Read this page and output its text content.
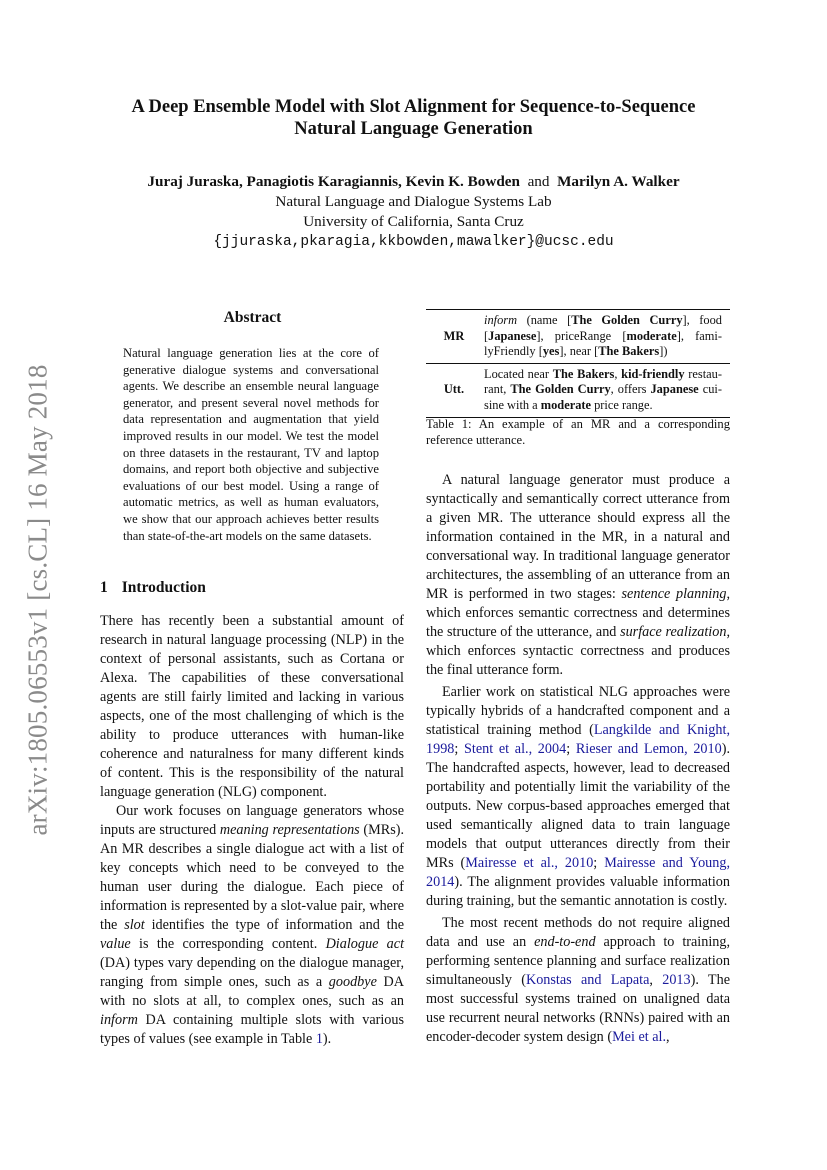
arXiv:1805.06553v1 [cs.CL] 16 May 2018
A Deep Ensemble Model with Slot Alignment for Sequence-to-Sequence
Natural Language Generation
Juraj Juraska, Panagiotis Karagiannis, Kevin K. Bowden and Marilyn A. Walker
Natural Language and Dialogue Systems Lab
University of California, Santa Cruz
{jjuraska,pkaragia,kkbowden,mawalker}@ucsc.edu
Abstract
Natural language generation lies at the core of generative dialogue systems and conversational agents. We describe an ensemble neural language generator, and present several novel methods for data representation and augmentation that yield improved results in our model. We test the model on three datasets in the restaurant, TV and laptop domains, and report both objective and subjective evaluations of our best model. Using a range of automatic metrics, as well as human evaluators, we show that our approach achieves better results than state-of-the-art models on the same datasets.
1 Introduction

There has recently been a substantial amount of research in natural language processing (NLP) in the context of personal assistants, such as Cortana or Alexa. The capabilities of these conversational agents are still fairly limited and lacking in various aspects, one of the most challenging of which is the ability to produce utterances with human-like coherence and naturalness for many different kinds of content. This is the responsibility of the natural language generation (NLG) component.

Our work focuses on language generators whose inputs are structured meaning representations (MRs). An MR describes a single dialogue act with a list of key concepts which need to be conveyed to the human user during the dialogue. Each piece of information is represented by a slot-value pair, where the slot identifies the type of information and the value is the corresponding content. Dialogue act (DA) types vary depending on the dialogue manager, ranging from simple ones, such as a goodbye DA with no slots at all, to complex ones, such as an inform DA containing multiple slots with various types of values (see example in Table 1).

MR	inform (name [The Golden Curry], food [Japanese], priceRange [moderate], familyFriendly [yes], near [The Bakers])
Utt.	Located near The Bakers, kid-friendly restaurant, The Golden Curry, offers Japanese cuisine with a moderate price range.
Table 1: An example of an MR and a corresponding reference utterance.

A natural language generator must produce a syntactically and semantically correct utterance from a given MR. The utterance should express all the information contained in the MR, in a natural and conversational way. In traditional language generator architectures, the assembling of an utterance from an MR is performed in two stages: sentence planning, which enforces semantic correctness and determines the structure of the utterance, and surface realization, which enforces syntactic correctness and produces the final utterance form.

Earlier work on statistical NLG approaches were typically hybrids of a handcrafted component and a statistical training method (Langkilde and Knight, 1998; Stent et al., 2004; Rieser and Lemon, 2010). The handcrafted aspects, however, lead to decreased portability and potentially limit the variability of the outputs. New corpus-based approaches emerged that used semantically aligned data to train language models that output utterances directly from their MRs (Mairesse et al., 2010; Mairesse and Young, 2014). The alignment provides valuable information during training, but the semantic annotation is costly.

The most recent methods do not require aligned data and use an end-to-end approach to training, performing sentence planning and surface realization simultaneously (Konstas and Lapata, 2013). The most successful systems trained on unaligned data use recurrent neural networks (RNNs) paired with an encoder-decoder system design (Mei et al.,
